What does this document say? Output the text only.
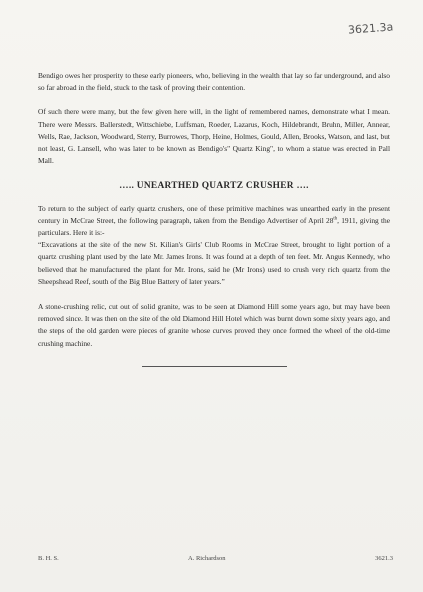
3621.3a

Bendigo owes her prosperity to these early pioneers, who, believing in the wealth that lay so far underground, and also so far abroad in the field, stuck to the task of proving their contention.

Of such there were many, but the few given here will, in the light of remembered names, demonstrate what I mean. There were Messrs. Ballerstedt, Wittschiebe, Luffsman, Roeder, Lazarus, Koch, Hildebrandt, Bruhn, Miller, Annear, Wells, Rae, Jackson, Woodward, Sterry, Burrowes, Thorp, Heine, Holmes, Gould, Allen, Brooks, Watson, and last, but not least, G. Lansell, who was later to be known as Bendigo's" Quartz King", to whom a statue was erected in Pall Mall.

….. UNEARTHED QUARTZ CRUSHER ….

To return to the subject of early quartz crushers, one of these primitive machines was unearthed early in the present century in McCrae Street, the following paragraph, taken from the Bendigo Advertiser of April 28th, 1911, giving the particulars. Here it is:-

“Excavations at the site of the new St. Kilian's Girls' Club Rooms in McCrae Street, brought to light portion of a quartz crushing plant used by the late Mr. James Irons. It was found at a depth of ten feet. Mr. Angus Kennedy, who believed that he manufactured the plant for Mr. Irons, said he (Mr Irons) used to crush very rich quartz from the Sheepshead Reef, south of the Big Blue Battery of later years.”

A stone-crushing relic, cut out of solid granite, was to be seen at Diamond Hill some years ago, but may have been removed since. It was then on the site of the old Diamond Hill Hotel which was burnt down some sixty years ago, and the steps of the old garden were pieces of granite whose curves proved they once formed the wheel of the old-time crushing machine.

B. H. S.	A. Richardson	3621.3
